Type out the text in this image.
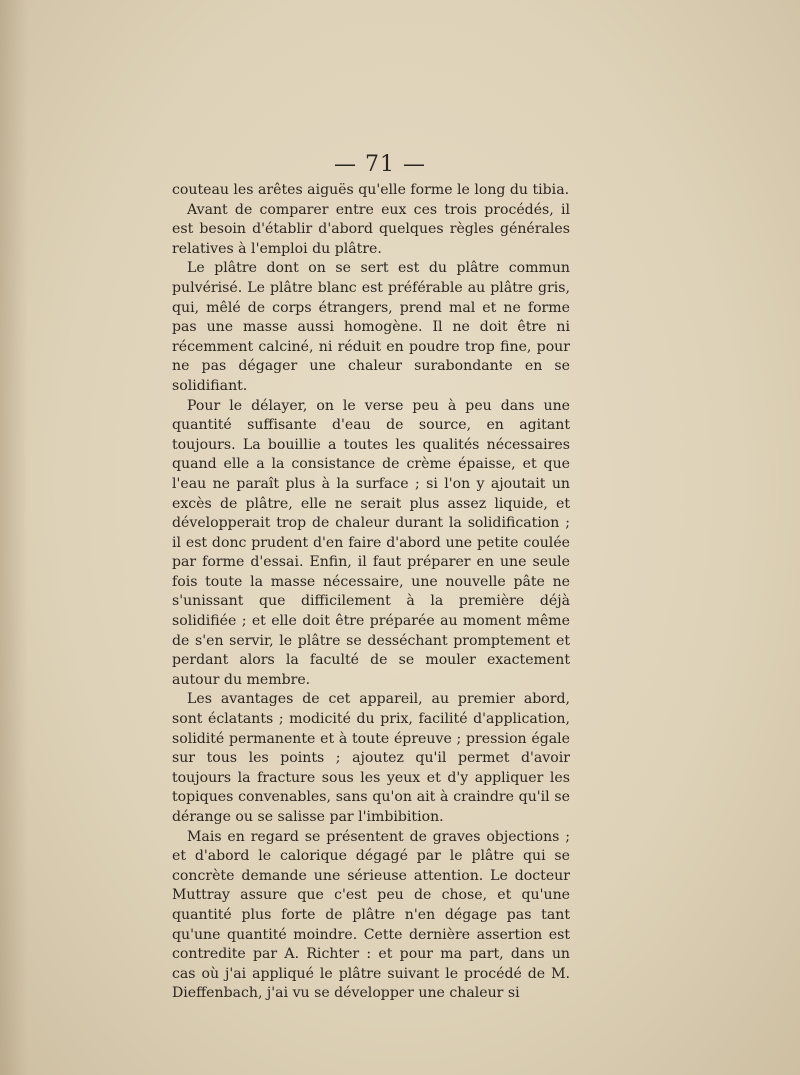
— 71 —

couteau les arêtes aiguës qu'elle forme le long du tibia.

Avant de comparer entre eux ces trois procédés, il est besoin d'établir d'abord quelques règles générales relatives à l'emploi du plâtre.

Le plâtre dont on se sert est du plâtre commun pulvérisé. Le plâtre blanc est préférable au plâtre gris, qui, mêlé de corps étrangers, prend mal et ne forme pas une masse aussi homogène. Il ne doit être ni récemment calciné, ni réduit en poudre trop fine, pour ne pas dégager une chaleur surabondante en se solidifiant.

Pour le délayer, on le verse peu à peu dans une quantité suffisante d'eau de source, en agitant toujours. La bouillie a toutes les qualités nécessaires quand elle a la consistance de crème épaisse, et que l'eau ne paraît plus à la surface ; si l'on y ajoutait un excès de plâtre, elle ne serait plus assez liquide, et développerait trop de chaleur durant la solidification ; il est donc prudent d'en faire d'abord une petite coulée par forme d'essai. Enfin, il faut préparer en une seule fois toute la masse nécessaire, une nouvelle pâte ne s'unissant que difficilement à la première déjà solidifiée ; et elle doit être préparée au moment même de s'en servir, le plâtre se desséchant promptement et perdant alors la faculté de se mouler exactement autour du membre.

Les avantages de cet appareil, au premier abord, sont éclatants ; modicité du prix, facilité d'application, solidité permanente et à toute épreuve ; pression égale sur tous les points ; ajoutez qu'il permet d'avoir toujours la fracture sous les yeux et d'y appliquer les topiques convenables, sans qu'on ait à craindre qu'il se dérange ou se salisse par l'imbibition.

Mais en regard se présentent de graves objections ; et d'abord le calorique dégagé par le plâtre qui se concrète demande une sérieuse attention. Le docteur Muttray assure que c'est peu de chose, et qu'une quantité plus forte de plâtre n'en dégage pas tant qu'une quantité moindre. Cette dernière assertion est contredite par A. Richter : et pour ma part, dans un cas où j'ai appliqué le plâtre suivant le procédé de M. Dieffenbach, j'ai vu se développer une chaleur si
